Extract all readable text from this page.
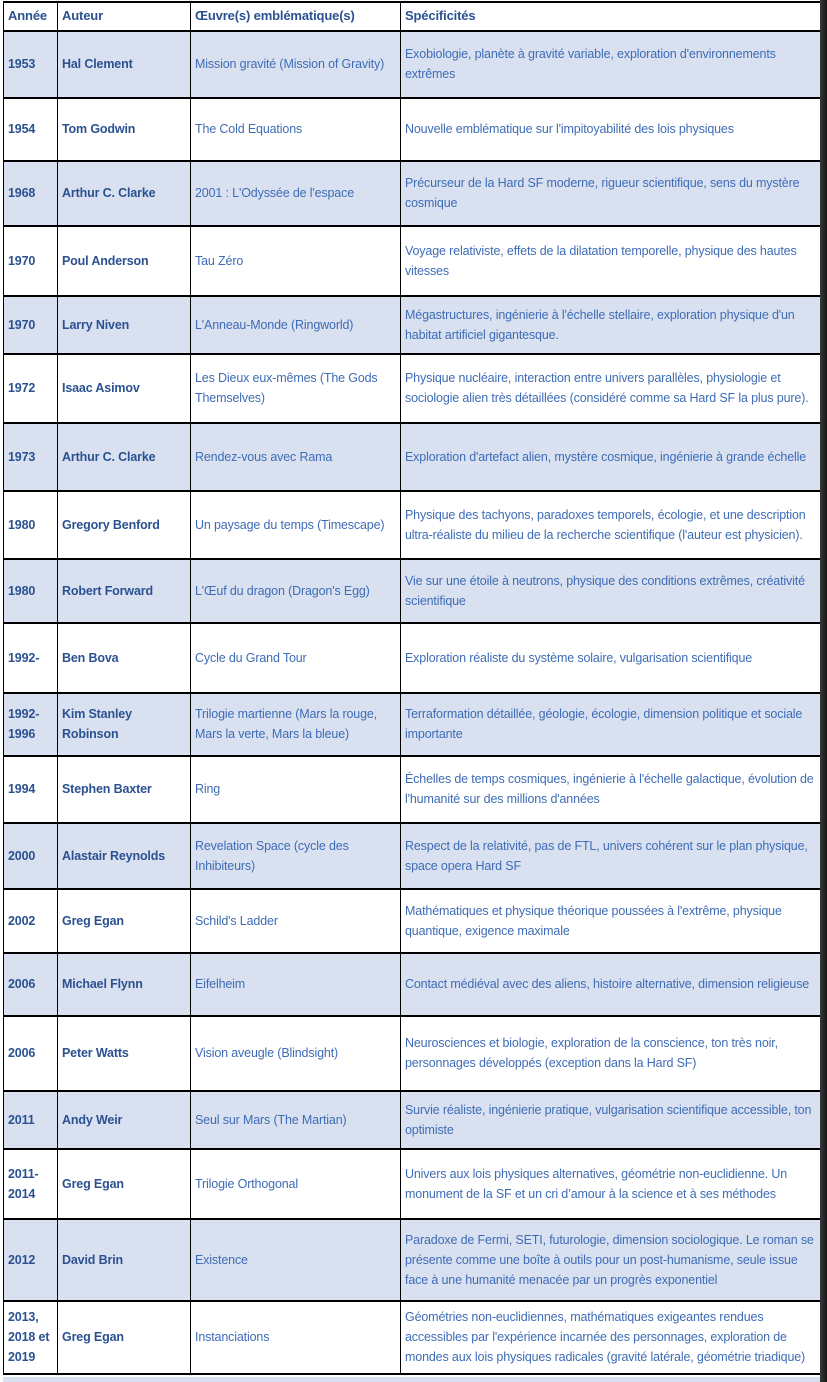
Année	Auteur	Œuvre(s) emblématique(s)	Spécificités
1953	Hal Clement	Mission gravité (Mission of Gravity)	Exobiologie, planète à gravité variable, exploration d'environnements extrêmes
1954	Tom Godwin	The Cold Equations	Nouvelle emblématique sur l'impitoyabilité des lois physiques
1968	Arthur C. Clarke	2001 : L'Odyssée de l'espace	Précurseur de la Hard SF moderne, rigueur scientifique, sens du mystère cosmique
1970	Poul Anderson	Tau Zéro	Voyage relativiste, effets de la dilatation temporelle, physique des hautes vitesses
1970	Larry Niven	L'Anneau-Monde (Ringworld)	Mégastructures, ingénierie à l'échelle stellaire, exploration physique d'un habitat artificiel gigantesque.
1972	Isaac Asimov	Les Dieux eux-mêmes (The Gods Themselves)	Physique nucléaire, interaction entre univers parallèles, physiologie et sociologie alien très détaillées (considéré comme sa Hard SF la plus pure).
1973	Arthur C. Clarke	Rendez-vous avec Rama	Exploration d'artefact alien, mystère cosmique, ingénierie à grande échelle
1980	Gregory Benford	Un paysage du temps (Timescape)	Physique des tachyons, paradoxes temporels, écologie, et une description ultra-réaliste du milieu de la recherche scientifique (l'auteur est physicien).
1980	Robert Forward	L'Œuf du dragon (Dragon's Egg)	Vie sur une étoile à neutrons, physique des conditions extrêmes, créativité scientifique
1992-	Ben Bova	Cycle du Grand Tour	Exploration réaliste du système solaire, vulgarisation scientifique
1992-1996	Kim Stanley Robinson	Trilogie martienne (Mars la rouge, Mars la verte, Mars la bleue)	Terraformation détaillée, géologie, écologie, dimension politique et sociale importante
1994	Stephen Baxter	Ring	Échelles de temps cosmiques, ingénierie à l'échelle galactique, évolution de l'humanité sur des millions d'années
2000	Alastair Reynolds	Revelation Space (cycle des Inhibiteurs)	Respect de la relativité, pas de FTL, univers cohérent sur le plan physique, space opera Hard SF
2002	Greg Egan	Schild's Ladder	Mathématiques et physique théorique poussées à l'extrême, physique quantique, exigence maximale
2006	Michael Flynn	Eifelheim	Contact médiéval avec des aliens, histoire alternative, dimension religieuse
2006	Peter Watts	Vision aveugle (Blindsight)	Neurosciences et biologie, exploration de la conscience, ton très noir, personnages développés (exception dans la Hard SF)
2011	Andy Weir	Seul sur Mars (The Martian)	Survie réaliste, ingénierie pratique, vulgarisation scientifique accessible, ton optimiste
2011-2014	Greg Egan	Trilogie Orthogonal	Univers aux lois physiques alternatives, géométrie non-euclidienne. Un monument de la SF et un cri d’amour à la science et à ses méthodes
2012	David Brin	Existence	Paradoxe de Fermi, SETI, futurologie, dimension sociologique. Le roman se présente comme une boîte à outils pour un post-humanisme, seule issue face à une humanité menacée par un progrès exponentiel
2013, 2018 et 2019	Greg Egan	Instanciations	Géométries non-euclidiennes, mathématiques exigeantes rendues accessibles par l'expérience incarnée des personnages, exploration de mondes aux lois physiques radicales (gravité latérale, géométrie triadique)
